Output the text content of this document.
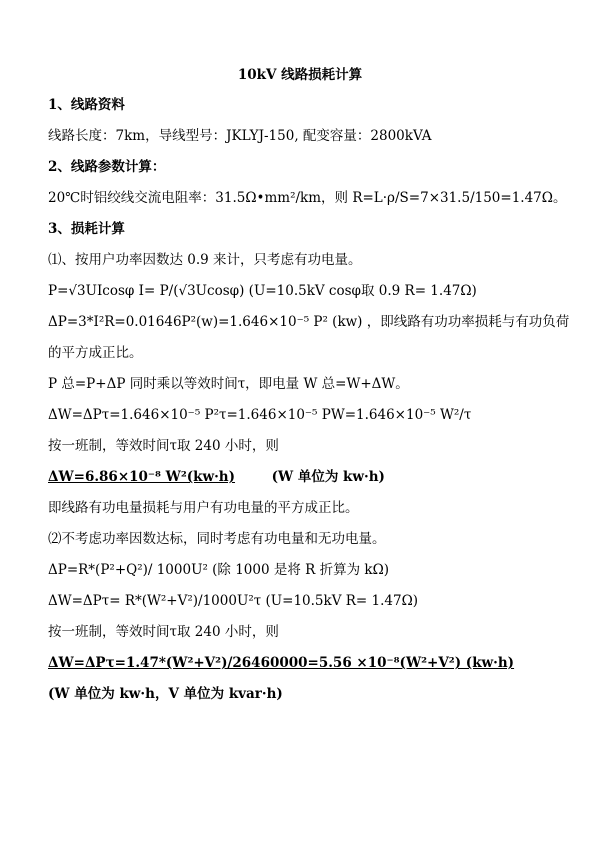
10kV 线路损耗计算
1、线路资料
线路长度：7km，导线型号：JKLYJ-150, 配变容量：2800kVA
2、线路参数计算：
20℃时铝绞线交流电阻率：31.5Ω•mm²/km，则 R=L·ρ/S=7×31.5/150=1.47Ω。
3、损耗计算
⑴、按用户功率因数达 0.9 来计，只考虑有功电量。
P=√3UIcosφ I= P/(√3Ucosφ) (U=10.5kV cosφ取 0.9 R= 1.47Ω)
ΔP=3*I²R=0.01646P²(w)=1.646×10⁻⁵ P² (kw) ，即线路有功功率损耗与有功负荷
的平方成正比。
P 总=P+ΔP 同时乘以等效时间τ，即电量 W 总=W+ΔW。
ΔW=ΔPτ=1.646×10⁻⁵ P²τ=1.646×10⁻⁵ PW=1.646×10⁻⁵ W²/τ
按一班制，等效时间τ取 240 小时，则
ΔW=6.86×10⁻⁸ W²(kw·h)	(W 单位为 kw·h)
即线路有功电量损耗与用户有功电量的平方成正比。
⑵不考虑功率因数达标，同时考虑有功电量和无功电量。
ΔP=R*(P²+Q²)/ 1000U² (除 1000 是将 R 折算为 kΩ)
ΔW=ΔPτ= R*(W²+V²)/1000U²τ (U=10.5kV R= 1.47Ω)
按一班制，等效时间τ取 240 小时，则
ΔW=ΔPτ=1.47*(W²+V²)/26460000=5.56 ×10⁻⁸(W²+V²) (kw·h)
(W 单位为 kw·h，V 单位为 kvar·h)
